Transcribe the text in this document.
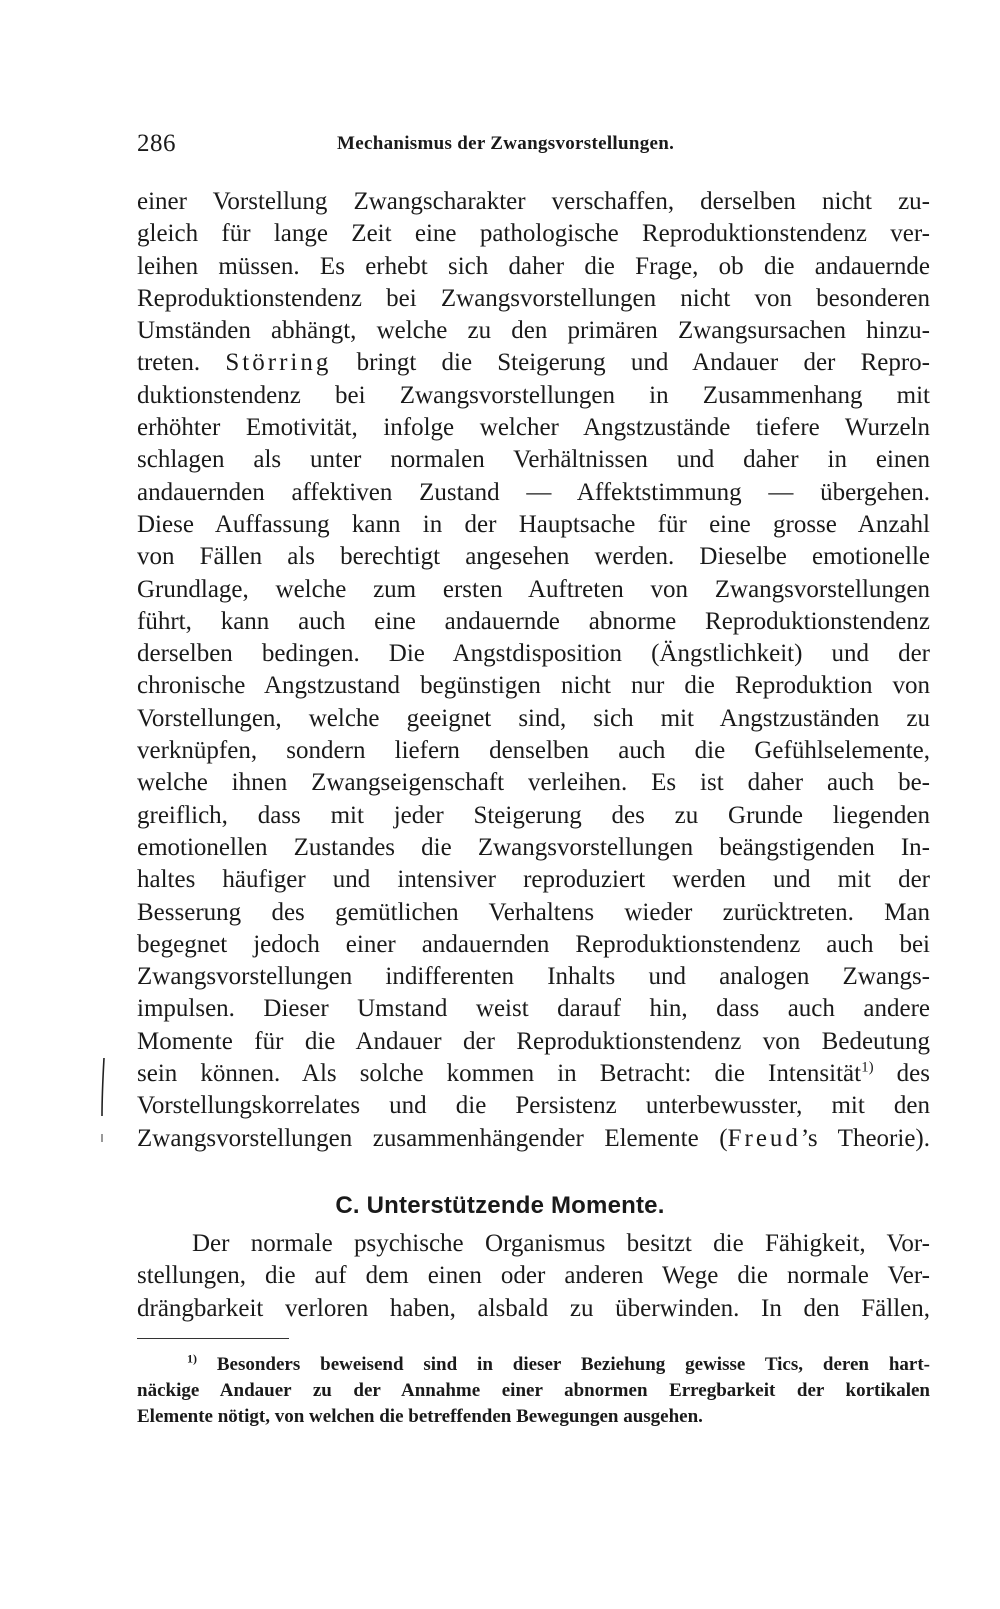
286	Mechanismus der Zwangsvorstellungen.
einer Vorstellung Zwangscharakter verschaffen, derselben nicht zu-
gleich für lange Zeit eine pathologische Reproduktionstendenz ver-
leihen müssen. Es erhebt sich daher die Frage, ob die andauernde
Reproduktionstendenz bei Zwangsvorstellungen nicht von besonderen
Umständen abhängt, welche zu den primären Zwangsursachen hinzu-
treten. Störring bringt die Steigerung und Andauer der Repro-
duktionstendenz bei Zwangsvorstellungen in Zusammenhang mit
erhöhter Emotivität, infolge welcher Angstzustände tiefere Wurzeln
schlagen als unter normalen Verhältnissen und daher in einen
andauernden affektiven Zustand — Affektstimmung — übergehen.
Diese Auffassung kann in der Hauptsache für eine grosse Anzahl
von Fällen als berechtigt angesehen werden. Dieselbe emotionelle
Grundlage, welche zum ersten Auftreten von Zwangsvorstellungen
führt, kann auch eine andauernde abnorme Reproduktionstendenz
derselben bedingen. Die Angstdisposition (Ängstlichkeit) und der
chronische Angstzustand begünstigen nicht nur die Reproduktion von
Vorstellungen, welche geeignet sind, sich mit Angstzuständen zu
verknüpfen, sondern liefern denselben auch die Gefühlselemente,
welche ihnen Zwangseigenschaft verleihen. Es ist daher auch be-
greiflich, dass mit jeder Steigerung des zu Grunde liegenden
emotionellen Zustandes die Zwangsvorstellungen beängstigenden In-
haltes häufiger und intensiver reproduziert werden und mit der
Besserung des gemütlichen Verhaltens wieder zurücktreten. Man
begegnet jedoch einer andauernden Reproduktionstendenz auch bei
Zwangsvorstellungen indifferenten Inhalts und analogen Zwangs-
impulsen. Dieser Umstand weist darauf hin, dass auch andere
Momente für die Andauer der Reproduktionstendenz von Bedeutung
sein können. Als solche kommen in Betracht: die Intensität$^{1)}$ des
Vorstellungskorrelates und die Persistenz unterbewusster, mit den
Zwangsvorstellungen zusammenhängender Elemente (Freud’s Theorie).
C. Unterstützende Momente.
Der normale psychische Organismus besitzt die Fähigkeit, Vor-
stellungen, die auf dem einen oder anderen Wege die normale Ver-
drängbarkeit verloren haben, alsbald zu überwinden. In den Fällen,
$^{1)}$ Besonders beweisend sind in dieser Beziehung gewisse Tics, deren hart-
näckige Andauer zu der Annahme einer abnormen Erregbarkeit der kortikalen
Elemente nötigt, von welchen die betreffenden Bewegungen ausgehen.
